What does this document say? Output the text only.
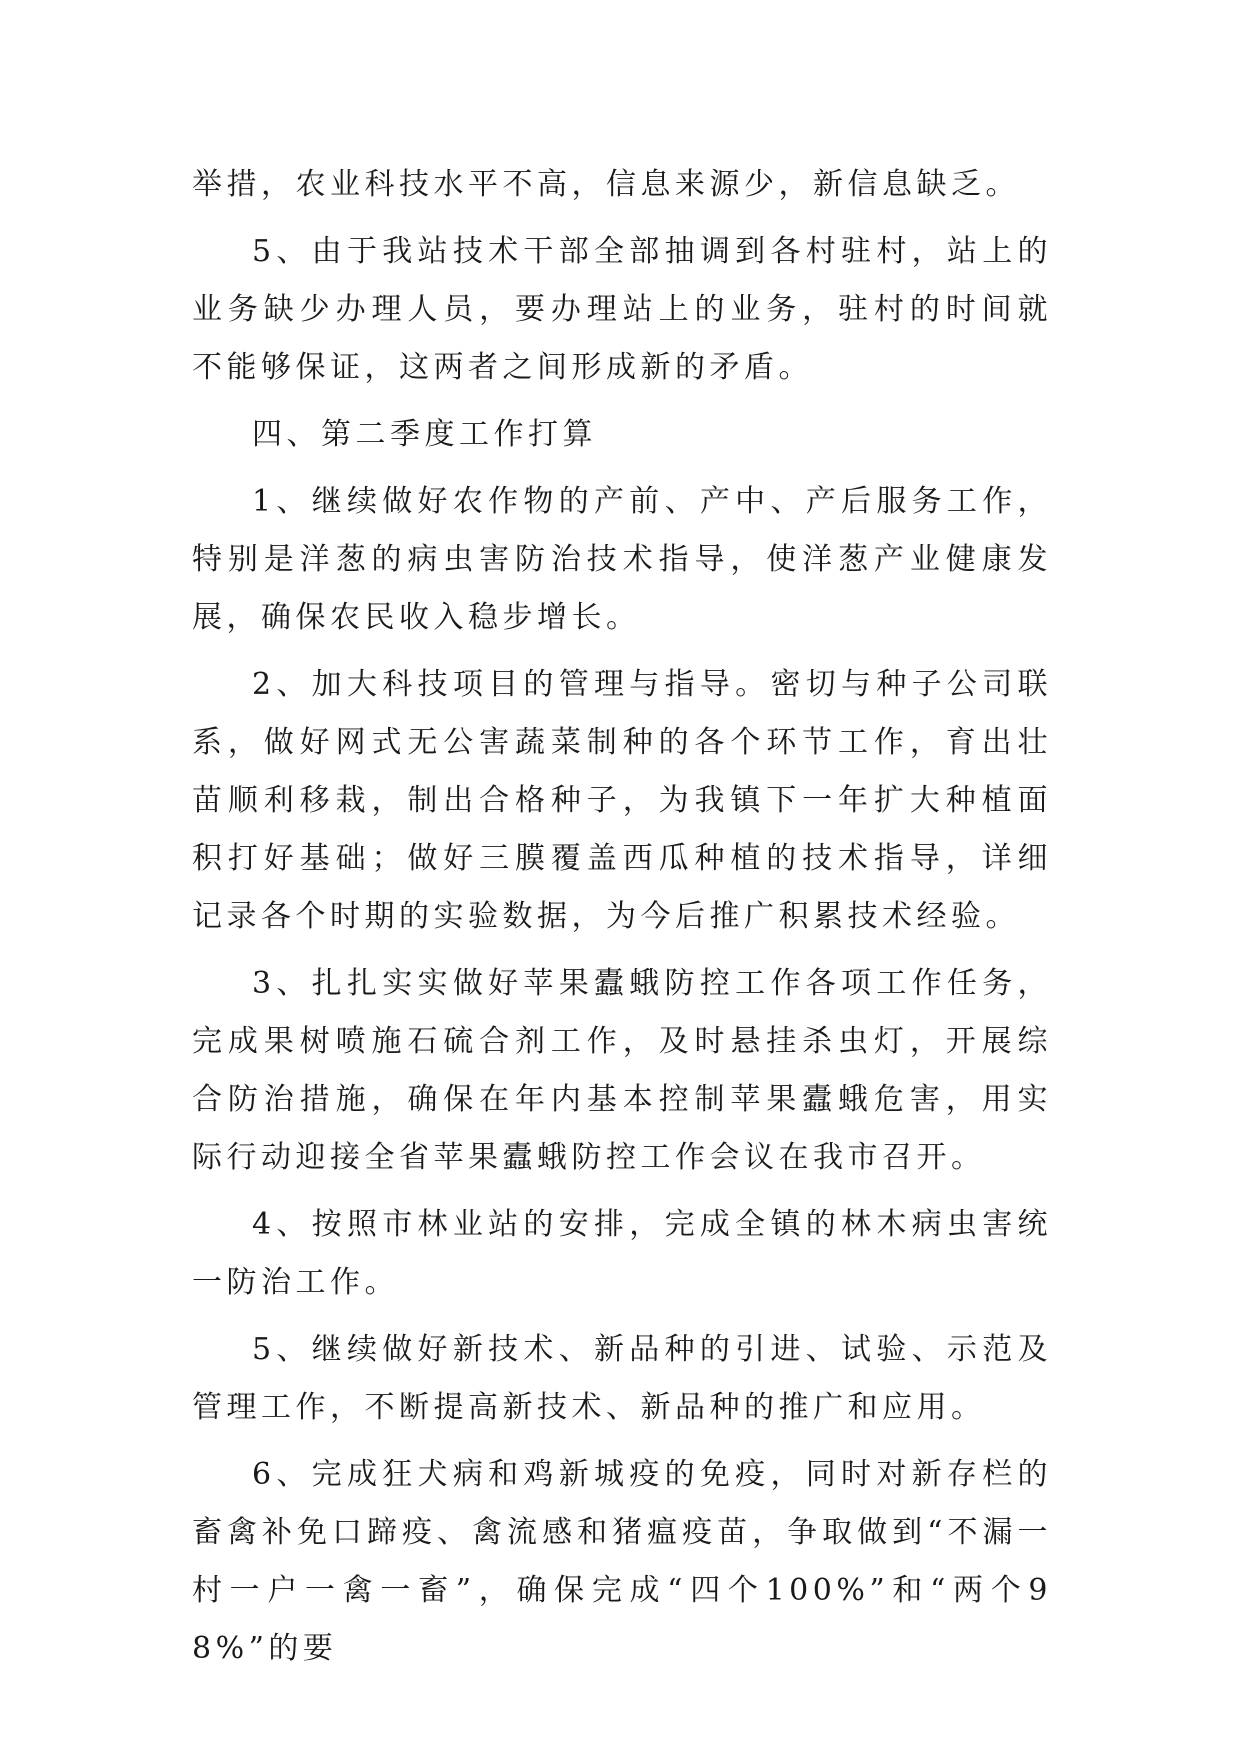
举措，农业科技水平不高，信息来源少，新信息缺乏。

5、由于我站技术干部全部抽调到各村驻村，站上的业务缺少办理人员，要办理站上的业务，驻村的时间就不能够保证，这两者之间形成新的矛盾。

四、第二季度工作打算

1、继续做好农作物的产前、产中、产后服务工作，特别是洋葱的病虫害防治技术指导，使洋葱产业健康发展，确保农民收入稳步增长。

2、加大科技项目的管理与指导。密切与种子公司联系，做好网式无公害蔬菜制种的各个环节工作，育出壮苗顺利移栽，制出合格种子，为我镇下一年扩大种植面积打好基础；做好三膜覆盖西瓜种植的技术指导，详细记录各个时期的实验数据，为今后推广积累技术经验。

3、扎扎实实做好苹果蠹蛾防控工作各项工作任务，完成果树喷施石硫合剂工作，及时悬挂杀虫灯，开展综合防治措施，确保在年内基本控制苹果蠹蛾危害，用实际行动迎接全省苹果蠹蛾防控工作会议在我市召开。

4、按照市林业站的安排，完成全镇的林木病虫害统一防治工作。

5、继续做好新技术、新品种的引进、试验、示范及管理工作，不断提高新技术、新品种的推广和应用。

6、完成狂犬病和鸡新城疫的免疫，同时对新存栏的畜禽补免口蹄疫、禽流感和猪瘟疫苗，争取做到“不漏一村一户一禽一畜”，确保完成“四个100%”和“两个98%”的要
